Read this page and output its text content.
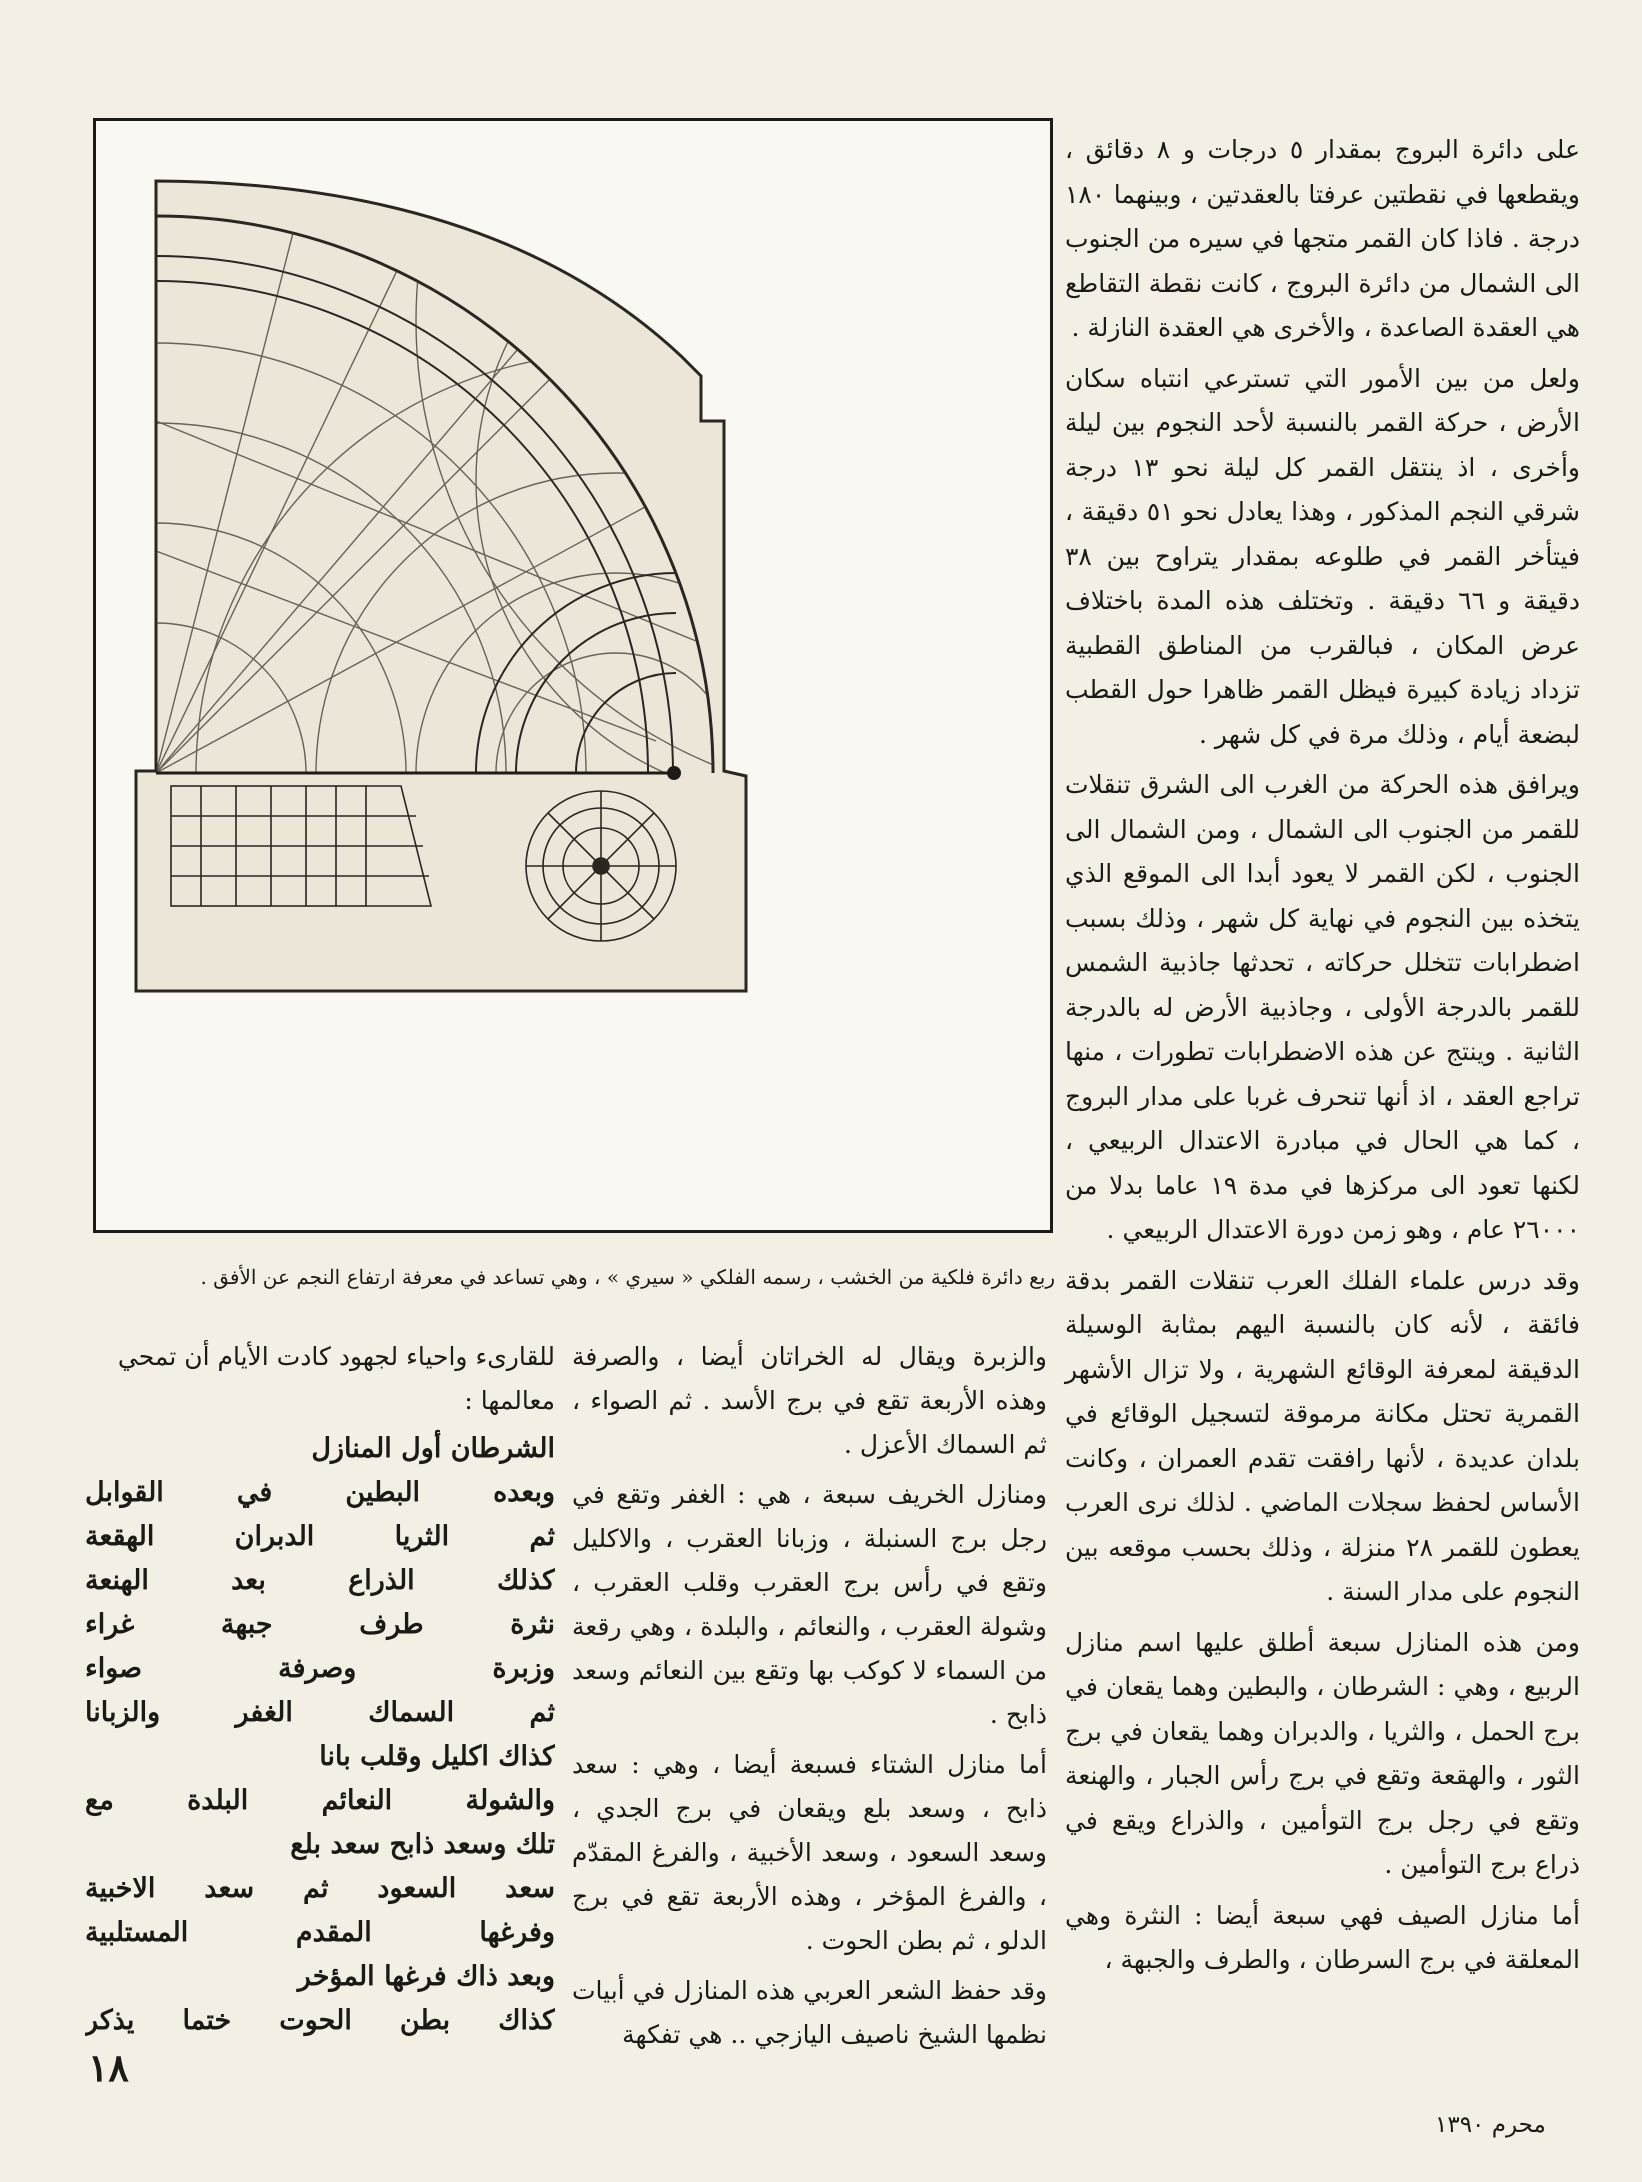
على دائرة البروج بمقدار ٥ درجات و ٨ دقائق ، ويقطعها في نقطتين عرفتا بالعقدتين ، وبينهما ١٨٠ درجة . فاذا كان القمر متجها في سيره من الجنوب الى الشمال من دائرة البروج ، كانت نقطة التقاطع هي العقدة الصاعدة ، والأخرى هي العقدة النازلة .

ولعل من بين الأمور التي تسترعي انتباه سكان الأرض ، حركة القمر بالنسبة لأحد النجوم بين ليلة وأخرى ، اذ ينتقل القمر كل ليلة نحو ١٣ درجة شرقي النجم المذكور ، وهذا يعادل نحو ٥١ دقيقة ، فيتأخر القمر في طلوعه بمقدار يتراوح بين ٣٨ دقيقة و ٦٦ دقيقة . وتختلف هذه المدة باختلاف عرض المكان ، فبالقرب من المناطق القطبية تزداد زيادة كبيرة فيظل القمر ظاهرا حول القطب لبضعة أيام ، وذلك مرة في كل شهر .

ويرافق هذه الحركة من الغرب الى الشرق تنقلات للقمر من الجنوب الى الشمال ، ومن الشمال الى الجنوب ، لكن القمر لا يعود أبدا الى الموقع الذي يتخذه بين النجوم في نهاية كل شهر ، وذلك بسبب اضطرابات تتخلل حركاته ، تحدثها جاذبية الشمس للقمر بالدرجة الأولى ، وجاذبية الأرض له بالدرجة الثانية . وينتج عن هذه الاضطرابات تطورات ، منها تراجع العقد ، اذ أنها تنحرف غربا على مدار البروج ، كما هي الحال في مبادرة الاعتدال الربيعي ، لكنها تعود الى مركزها في مدة ١٩ عاما بدلا من ٢٦٠٠٠ عام ، وهو زمن دورة الاعتدال الربيعي .

وقد درس علماء الفلك العرب تنقلات القمر بدقة فائقة ، لأنه كان بالنسبة اليهم بمثابة الوسيلة الدقيقة لمعرفة الوقائع الشهرية ، ولا تزال الأشهر القمرية تحتل مكانة مرموقة لتسجيل الوقائع في بلدان عديدة ، لأنها رافقت تقدم العمران ، وكانت الأساس لحفظ سجلات الماضي . لذلك نرى العرب يعطون للقمر ٢٨ منزلة ، وذلك بحسب موقعه بين النجوم على مدار السنة .

ومن هذه المنازل سبعة أطلق عليها اسم منازل الربيع ، وهي : الشرطان ، والبطين وهما يقعان في برج الحمل ، والثريا ، والدبران وهما يقعان في برج الثور ، والهقعة وتقع في برج رأس الجبار ، والهنعة وتقع في رجل برج التوأمين ، والذراع ويقع في ذراع برج التوأمين .

أما منازل الصيف فهي سبعة أيضا : النثرة وهي المعلقة في برج السرطان ، والطرف والجبهة ،

ربع دائرة فلكية من الخشب ، رسمه الفلكي « سيري » ، وهي تساعد في معرفة ارتفاع النجم عن الأفق .

والزبرة ويقال له الخراتان أيضا ، والصرفة وهذه الأربعة تقع في برج الأسد . ثم الصواء ، ثم السماك الأعزل .

ومنازل الخريف سبعة ، هي : الغفر وتقع في رجل برج السنبلة ، وزبانا العقرب ، والاكليل وتقع في رأس برج العقرب وقلب العقرب ، وشولة العقرب ، والنعائم ، والبلدة ، وهي رقعة من السماء لا كوكب بها وتقع بين النعائم وسعد ذابح .

أما منازل الشتاء فسبعة أيضا ، وهي : سعد ذابح ، وسعد بلع ويقعان في برج الجدي ، وسعد السعود ، وسعد الأخبية ، والفرغ المقدّم ، والفرغ المؤخر ، وهذه الأربعة تقع في برج الدلو ، ثم بطن الحوت .

وقد حفظ الشعر العربي هذه المنازل في أبيات نظمها الشيخ ناصيف اليازجي .. هي تفكهة

للقارىء واحياء لجهود كادت الأيام أن تمحي معالمها :

الشرطان أول المنازل
وبعده البطين في القوابل
ثم الثريا الدبران الهقعة
كذلك الذراع بعد الهنعة
نثرة طرف جبهة غراء
وزبرة وصرفة صواء
ثم السماك الغفر والزبانا
كذاك اكليل وقلب بانا
والشولة النعائم البلدة مع
تلك وسعد ذابح سعد بلع
سعد السعود ثم سعد الاخبية
وفرغها المقدم المستلبية
وبعد ذاك فرغها المؤخر
كذاك بطن الحوت ختما يذكر
١٨
محرم ١٣٩٠
